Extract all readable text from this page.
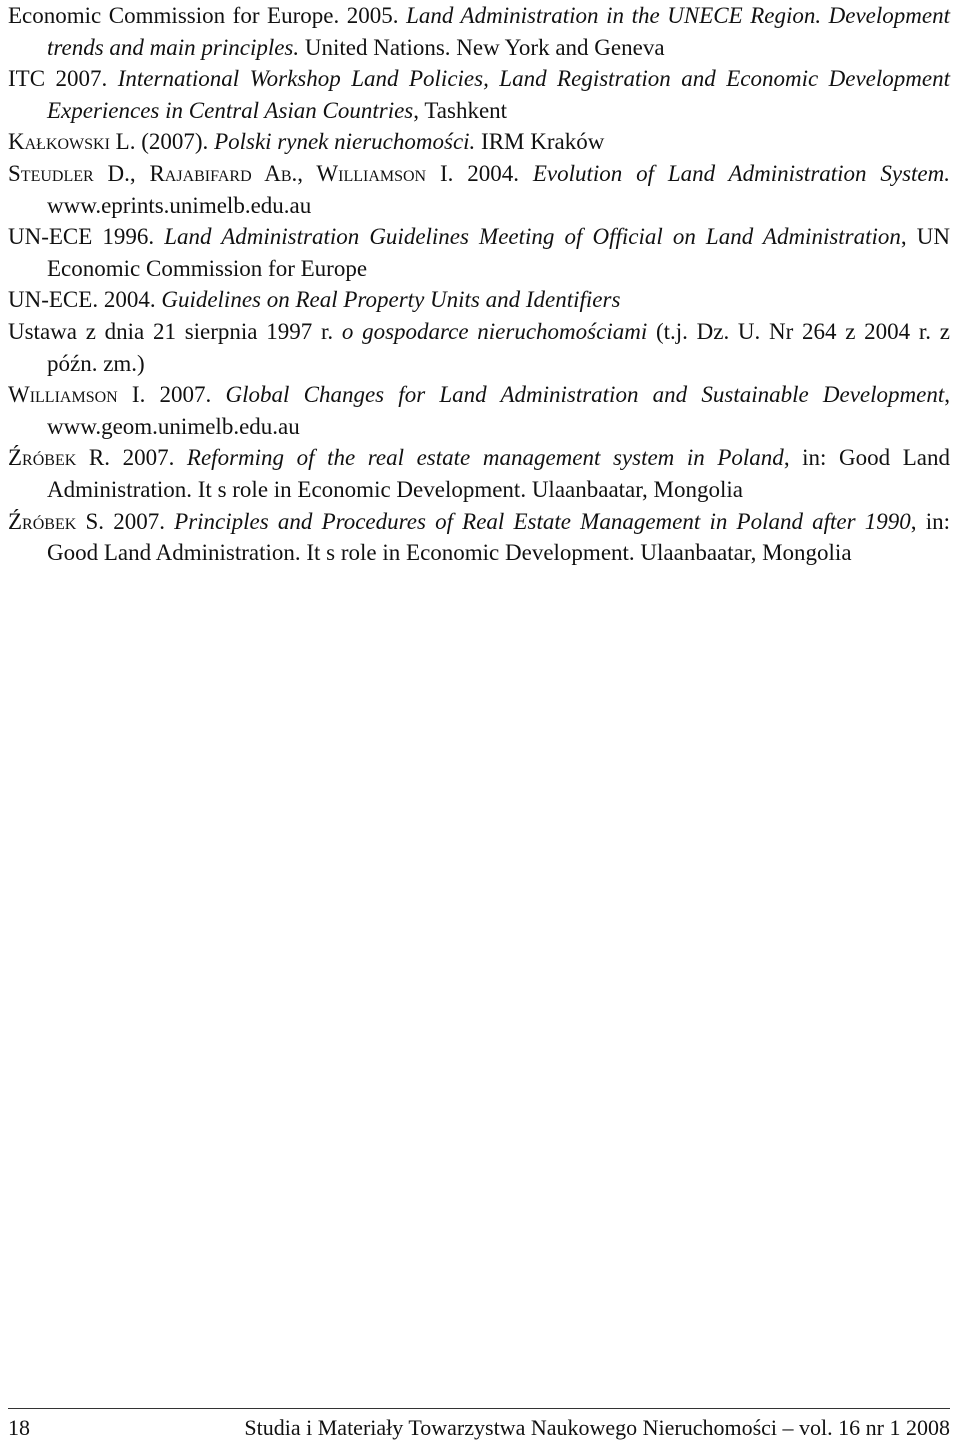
Economic Commission for Europe. 2005. Land Administration in the UNECE Region. Development trends and main principles. United Nations. New York and Geneva

ITC 2007. International Workshop Land Policies, Land Registration and Economic Development Experiences in Central Asian Countries, Tashkent

Kałkowski L. (2007). Polski rynek nieruchomości. IRM Kraków

Steudler D., Rajabifard Ab., Williamson I. 2004. Evolution of Land Administration System. www.eprints.unimelb.edu.au

UN-ECE 1996. Land Administration Guidelines Meeting of Official on Land Administration, UN Economic Commission for Europe

UN-ECE. 2004. Guidelines on Real Property Units and Identifiers

Ustawa z dnia 21 sierpnia 1997 r. o gospodarce nieruchomościami (t.j. Dz. U. Nr 264 z 2004 r. z późn. zm.)

Williamson I. 2007. Global Changes for Land Administration and Sustainable Development, www.geom.unimelb.edu.au

Źróbek R. 2007. Reforming of the real estate management system in Poland, in: Good Land Administration. It s role in Economic Development. Ulaanbaatar, Mongolia

Źróbek S. 2007. Principles and Procedures of Real Estate Management in Poland after 1990, in: Good Land Administration. It s role in Economic Development. Ulaanbaatar, Mongolia

18	Studia i Materiały Towarzystwa Naukowego Nieruchomości – vol. 16 nr 1 2008
